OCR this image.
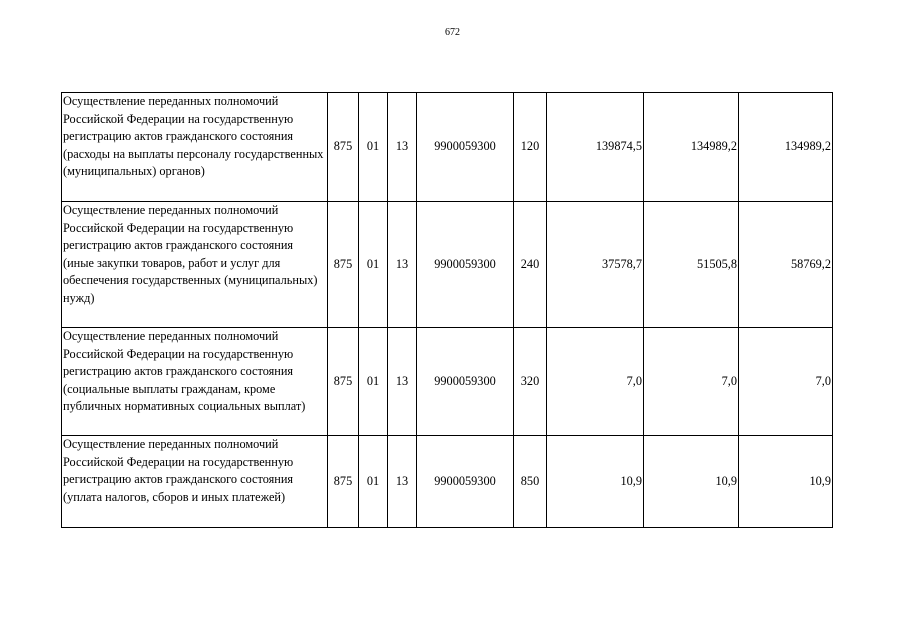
672
Осуществление переданных полномочий Российской Федерации на государственную регистрацию актов гражданского состояния (расходы на выплаты персоналу государственных (муниципальных) органов)	875	01	13	9900059300	120	139874,5	134989,2	134989,2
Осуществление переданных полномочий Российской Федерации на государственную регистрацию актов гражданского состояния (иные закупки товаров, работ и услуг для обеспечения государственных (муниципальных) нужд)	875	01	13	9900059300	240	37578,7	51505,8	58769,2
Осуществление переданных полномочий Российской Федерации на государственную регистрацию актов гражданского состояния (социальные выплаты гражданам, кроме публичных нормативных социальных выплат)	875	01	13	9900059300	320	7,0	7,0	7,0
Осуществление переданных полномочий Российской Федерации на государственную регистрацию актов гражданского состояния (уплата налогов, сборов и иных платежей)	875	01	13	9900059300	850	10,9	10,9	10,9
